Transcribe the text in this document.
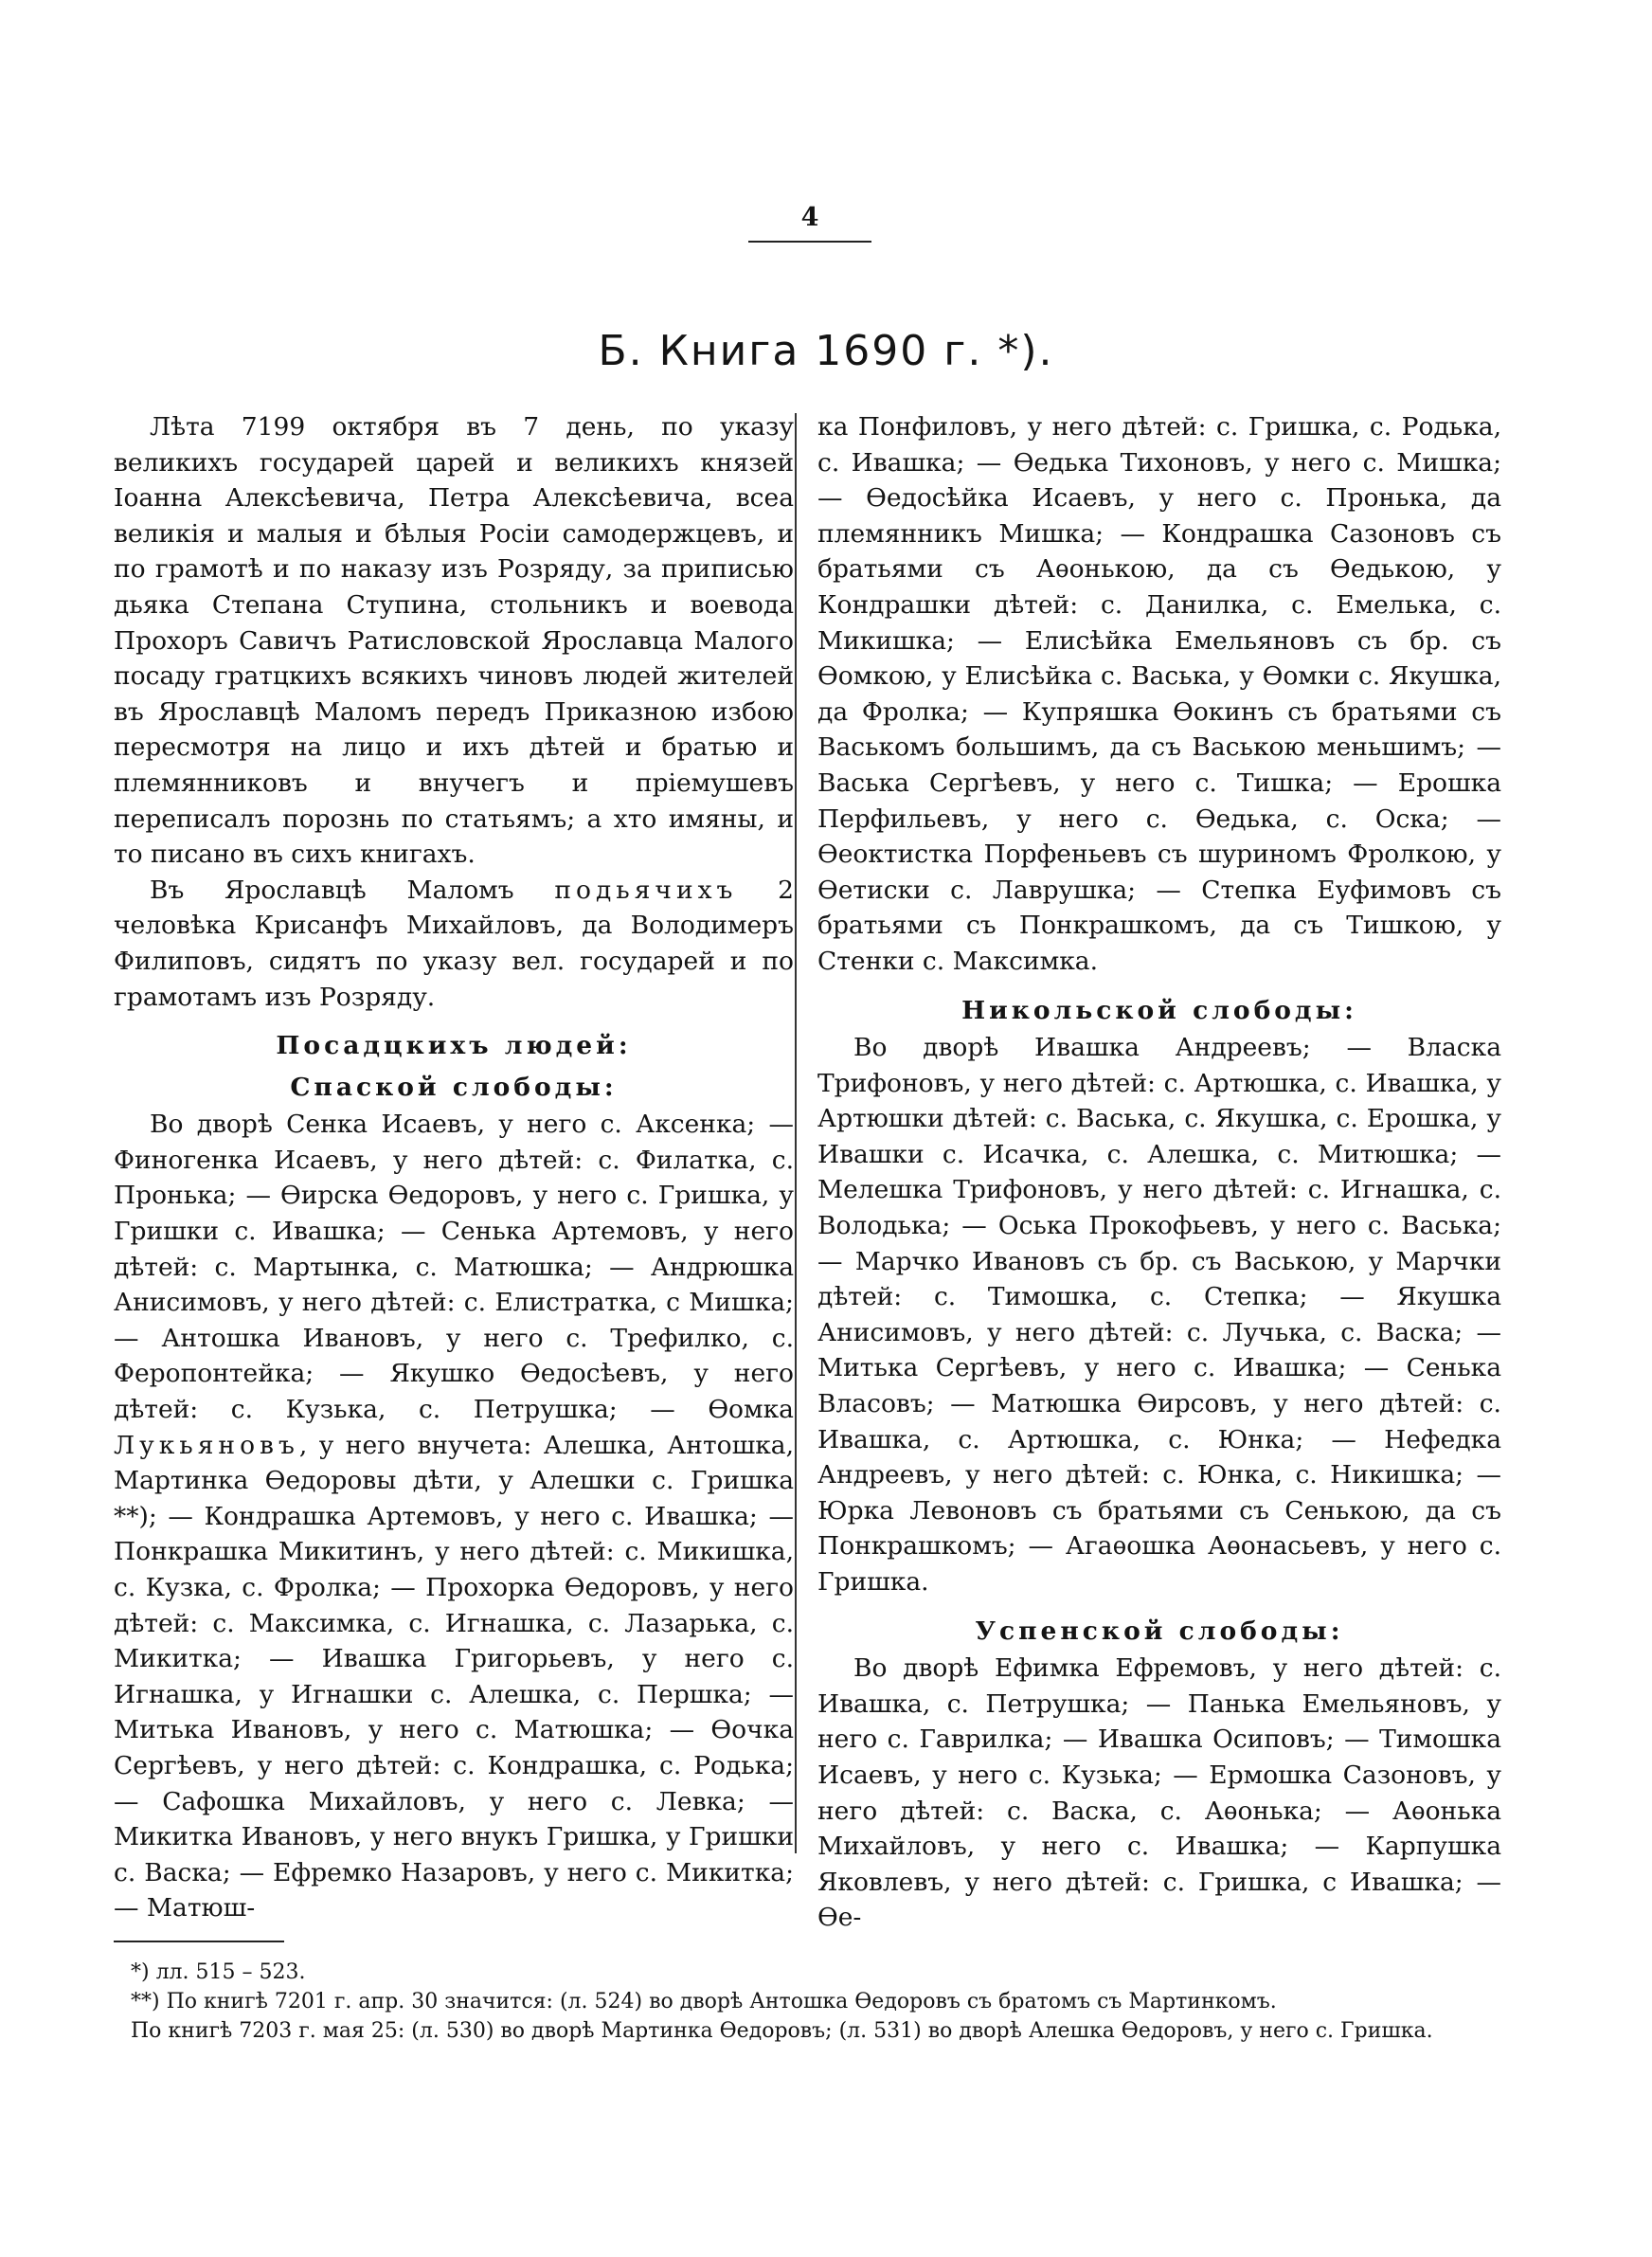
4
Б. Книга 1690 г. *).

Лѣта 7199 октября въ 7 день, по указу великихъ государей царей и великихъ князей Іоанна Алексѣевича, Петра Алексѣевича, всеа великія и малыя и бѣлыя Росіи самодержцевъ, и по грамотѣ и по наказу изъ Розряду, за приписью дьяка Степана Ступина, стольникъ и воевода Прохоръ Савичъ Ратисловской Ярославца Малого посаду гратцкихъ всякихъ чиновъ людей жителей въ Ярославцѣ Маломъ передъ Приказною избою пересмотря на лицо и ихъ дѣтей и братью и племянниковъ и внучегъ и пріемушевъ переписалъ порознь по статьямъ; а хто имяны, и то писано въ сихъ книгахъ.

Въ Ярославцѣ Маломъ подьячихъ 2 человѣка Крисанфъ Михайловъ, да Володимеръ Филиповъ, сидятъ по указу вел. государей и по грамотамъ изъ Розряду.

Посадцкихъ людей:

Спаской слободы:

Во дворѣ Сенка Исаевъ, у него с. Аксенка; — Финогенка Исаевъ, у него дѣтей: с. Филатка, с. Пронька; — Ѳирска Ѳедоровъ, у него с. Гришка, у Гришки с. Ивашка; — Сенька Артемовъ, у него дѣтей: с. Мартынка, с. Матюшка; — Андрюшка Анисимовъ, у него дѣтей: с. Елистратка, с Мишка; — Антошка Ивановъ, у него с. Трефилко, с. Феропонтейка; — Якушко Ѳедосѣевъ, у него дѣтей: с. Кузька, с. Петрушка; — Ѳомка Лукьяновъ, у него внучета: Алешка, Антошка, Мартинка Ѳедоровы дѣти, у Алешки с. Гришка **); — Кондрашка Артемовъ, у него с. Ивашка; — Понкрашка Микитинъ, у него дѣтей: с. Микишка, с. Кузка, с. Фролка; — Прохорка Ѳедоровъ, у него дѣтей: с. Максимка, с. Игнашка, с. Лазарька, с. Микитка; — Ивашка Григорьевъ, у него с. Игнашка, у Игнашки с. Алешка, с. Першка; — Митька Ивановъ, у него с. Матюшка; — Ѳочка Сергѣевъ, у него дѣтей: с. Кондрашка, с. Родька; — Сафошка Михайловъ, у него с. Левка; — Микитка Ивановъ, у него внукъ Гришка, у Гришки с. Васка; — Ефремко Назаровъ, у него с. Микитка; — Матюш-

ка Понфиловъ, у него дѣтей: с. Гришка, с. Родька, с. Ивашка; — Ѳедька Тихоновъ, у него с. Мишка; — Ѳедосѣйка Исаевъ, у него с. Пронька, да племянникъ Мишка; — Кондрашка Сазоновъ съ братьями съ Аѳонькою, да съ Ѳедькою, у Кондрашки дѣтей: с. Данилка, с. Емелька, с. Микишка; — Елисѣйка Емельяновъ съ бр. съ Ѳомкою, у Елисѣйка с. Васька, у Ѳомки с. Якушка, да Фролка; — Купряшка Ѳокинъ съ братьями съ Васькомъ большимъ, да съ Ваською меньшимъ; — Васька Сергѣевъ, у него с. Тишка; — Ерошка Перфильевъ, у него с. Ѳедька, с. Оска; — Ѳеоктистка Порфеньевъ съ шуриномъ Фролкою, у Ѳетиски с. Лаврушка; — Степка Еуфимовъ съ братьями съ Понкрашкомъ, да съ Тишкою, у Стенки с. Максимка.

Никольской слободы:

Во дворѣ Ивашка Андреевъ; — Власка Трифоновъ, у него дѣтей: с. Артюшка, с. Ивашка, у Артюшки дѣтей: с. Васька, с. Якушка, с. Ерошка, у Ивашки с. Исачка, с. Алешка, с. Митюшка; — Мелешка Трифоновъ, у него дѣтей: с. Игнашка, с. Володька; — Оська Прокофьевъ, у него с. Васька; — Марчко Ивановъ съ бр. съ Ваською, у Марчки дѣтей: с. Тимошка, с. Степка; — Якушка Анисимовъ, у него дѣтей: с. Лучька, с. Васка; — Митька Сергѣевъ, у него с. Ивашка; — Сенька Власовъ; — Матюшка Ѳирсовъ, у него дѣтей: с. Ивашка, с. Артюшка, с. Юнка; — Нефедка Андреевъ, у него дѣтей: с. Юнка, с. Никишка; — Юрка Левоновъ съ братьями съ Сенькою, да съ Понкрашкомъ; — Агаѳошка Аѳонасьевъ, у него с. Гришка.

Успенской слободы:

Во дворѣ Ефимка Ефремовъ, у него дѣтей: с. Ивашка, с. Петрушка; — Панька Емельяновъ, у него с. Гаврилка; — Ивашка Осиповъ; — Тимошка Исаевъ, у него с. Кузька; — Ермошка Сазоновъ, у него дѣтей: с. Васка, с. Аѳонька; — Аѳонька Михайловъ, у него с. Ивашка; — Карпушка Яковлевъ, у него дѣтей: с. Гришка, с Ивашка; — Ѳе-

*) лл. 515 – 523.

**) По книгѣ 7201 г. апр. 30 значится: (л. 524) во дворѣ Антошка Ѳедоровъ съ братомъ съ Мартинкомъ.

По книгѣ 7203 г. мая 25: (л. 530) во дворѣ Мартинка Ѳедоровъ; (л. 531) во дворѣ Алешка Ѳедоровъ, у него с. Гришка.
